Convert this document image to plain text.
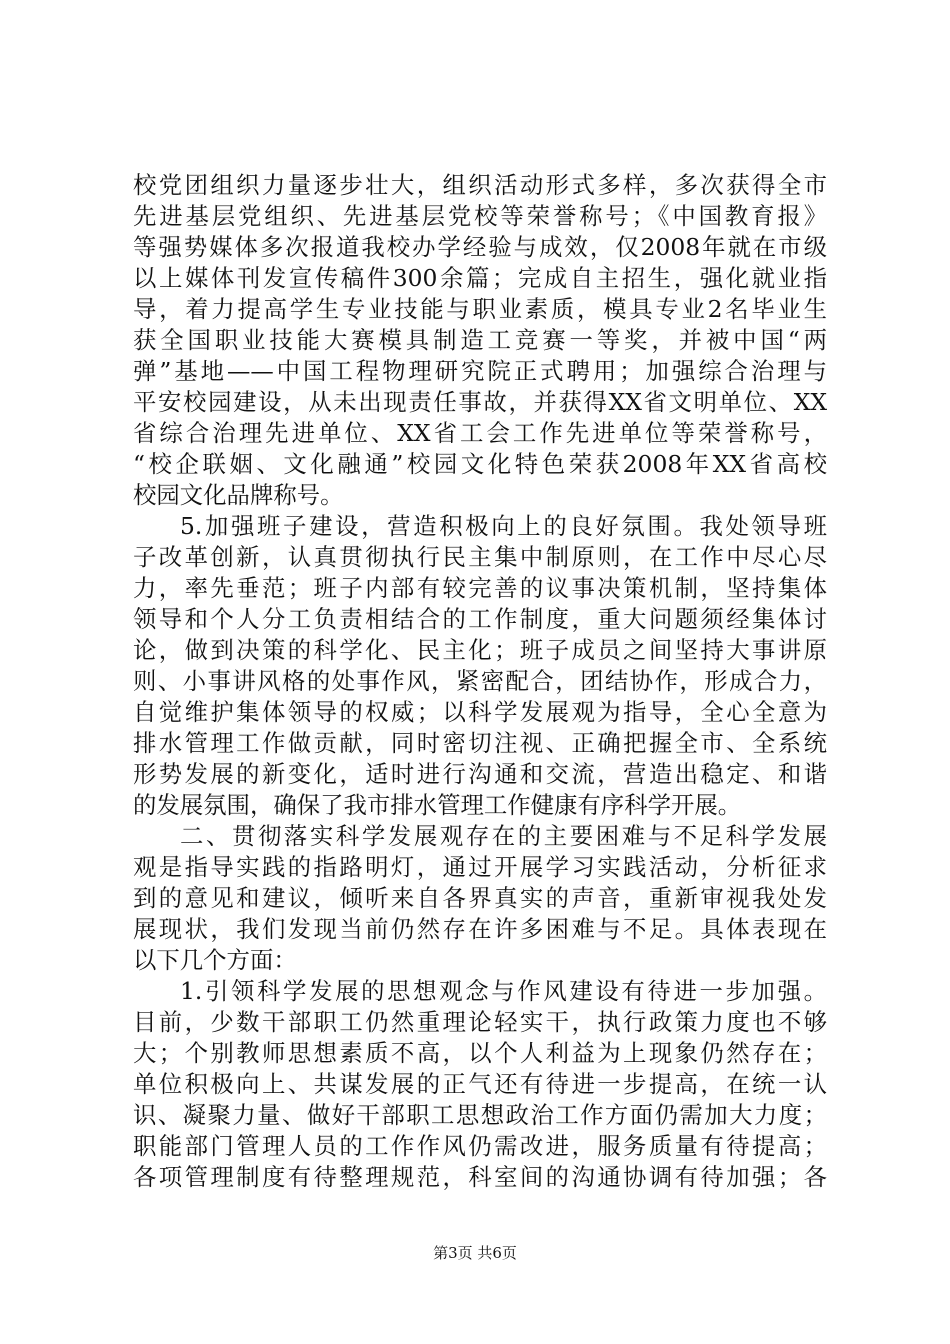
校党团组织力量逐步壮大，组织活动形式多样，多次获得全市
先进基层党组织、先进基层党校等荣誉称号；《中国教育报》
等强势媒体多次报道我校办学经验与成效，仅2008年就在市级
以上媒体刊发宣传稿件300余篇；完成自主招生，强化就业指
导，着力提高学生专业技能与职业素质，模具专业2名毕业生
获全国职业技能大赛模具制造工竞赛一等奖，并被中国“两
弹”基地——中国工程物理研究院正式聘用；加强综合治理与
平安校园建设，从未出现责任事故，并获得XX省文明单位、XX
省综合治理先进单位、XX省工会工作先进单位等荣誉称号，
“校企联姻、文化融通”校园文化特色荣获2008年XX省高校
校园文化品牌称号。
5.加强班子建设，营造积极向上的良好氛围。我处领导班
子改革创新，认真贯彻执行民主集中制原则，在工作中尽心尽
力，率先垂范；班子内部有较完善的议事决策机制，坚持集体
领导和个人分工负责相结合的工作制度，重大问题须经集体讨
论，做到决策的科学化、民主化；班子成员之间坚持大事讲原
则、小事讲风格的处事作风，紧密配合，团结协作，形成合力，
自觉维护集体领导的权威；以科学发展观为指导，全心全意为
排水管理工作做贡献，同时密切注视、正确把握全市、全系统
形势发展的新变化，适时进行沟通和交流，营造出稳定、和谐
的发展氛围，确保了我市排水管理工作健康有序科学开展。
二、贯彻落实科学发展观存在的主要困难与不足科学发展
观是指导实践的指路明灯，通过开展学习实践活动，分析征求
到的意见和建议，倾听来自各界真实的声音，重新审视我处发
展现状，我们发现当前仍然存在许多困难与不足。具体表现在
以下几个方面：
1.引领科学发展的思想观念与作风建设有待进一步加强。
目前，少数干部职工仍然重理论轻实干，执行政策力度也不够
大；个别教师思想素质不高，以个人利益为上现象仍然存在；
单位积极向上、共谋发展的正气还有待进一步提高，在统一认
识、凝聚力量、做好干部职工思想政治工作方面仍需加大力度；
职能部门管理人员的工作作风仍需改进，服务质量有待提高；
各项管理制度有待整理规范，科室间的沟通协调有待加强；各
第3页 共6页
